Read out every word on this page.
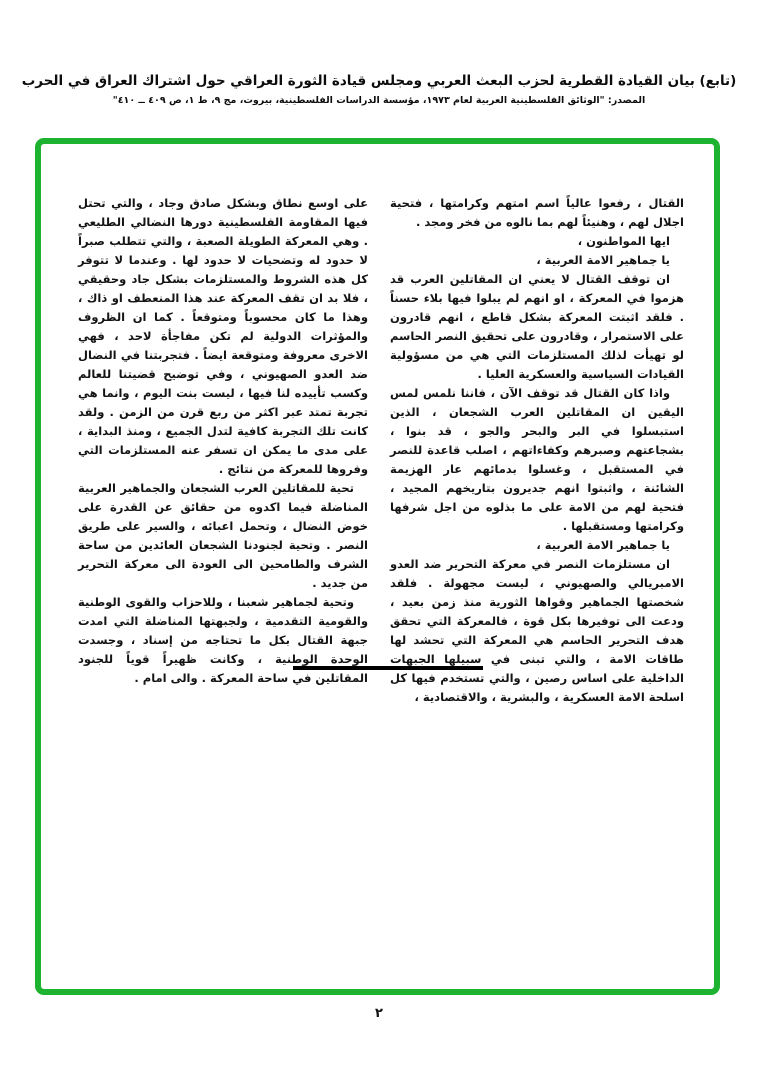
(تابع) بيان القيادة القطرية لحزب البعث العربي ومجلس قيادة الثورة العراقي حول اشتراك العراق في الحرب
المصدر: "الوثائق الفلسطينية العربية لعام ١٩٧٣، مؤسسة الدراسات الفلسطينية، بيروت، مج ٩، ط ١، ص ٤٠٩ ــ ٤١٠"

القتال ، رفعوا عالياً اسم امتهم وكرامتها ، فتحية اجلال لهم ، وهنيئاً لهم بما نالوه من فخر ومجد .

ايها المواطنون ،

يا جماهير الامة العربية ،

ان توقف القتال لا يعني ان المقاتلين العرب قد هزموا في المعركة ، او انهم لم يبلوا فيها بلاء حسناً . فلقد اثبتت المعركة بشكل قاطع ، انهم قادرون على الاستمرار ، وقادرون على تحقيق النصر الحاسم لو تهيأت لذلك المستلزمات التي هي من مسؤولية القيادات السياسية والعسكرية العليا .

واذا كان القتال قد توقف الآن ، فاننا نلمس لمس اليقين ان المقاتلين العرب الشجعان ، الذين استبسلوا في البر والبحر والجو ، قد بنوا ، بشجاعتهم وصبرهم وكفاءاتهم ، اصلب قاعدة للنصر في المستقبل ، وغسلوا بدمائهم عار الهزيمة الشائنة ، واثبتوا انهم جديرون بتاريخهم المجيد ، فتحية لهم من الامة على ما بذلوه من اجل شرفها وكرامتها ومستقبلها .

يا جماهير الامة العربية ،

ان مستلزمات النصر في معركة التحرير ضد العدو الامبريالي والصهيوني ، ليست مجهولة . فلقد شخصتها الجماهير وقواها الثورية منذ زمن بعيد ، ودعت الى توفيرها بكل قوة ، فالمعركة التي تحقق هدف التحرير الحاسم هي المعركة التي تحشد لها طاقات الامة ، والتي تبنى في سبيلها الجبهات الداخلية على اساس رصين ، والتي تستخدم فيها كل اسلحة الامة العسكرية ، والبشرية ، والاقتصادية ،

على اوسع نطاق وبشكل صادق وجاد ، والتي تحتل فيها المقاومة الفلسطينية دورها النضالي الطليعي . وهي المعركة الطويلة الصعبة ، والتي تتطلب صبراً لا حدود له وتضحيات لا حدود لها . وعندما لا تتوفر كل هذه الشروط والمستلزمات بشكل جاد وحقيقي ، فلا بد ان تقف المعركة عند هذا المنعطف او ذاك ، وهذا ما كان محسوباً ومتوقعاً . كما ان الظروف والمؤثرات الدولية لم تكن مفاجأة لاحد ، فهي الاخرى معروفة ومتوقعة ايضاً . فتجربتنا في النضال ضد العدو الصهيوني ، وفي توضيح قضيتنا للعالم وكسب تأييده لنا فيها ، ليست بنت اليوم ، وانما هي تجربة تمتد عبر اكثر من ربع قرن من الزمن . ولقد كانت تلك التجربة كافية لتدل الجميع ، ومنذ البداية ، على مدى ما يمكن ان تسفر عنه المستلزمات التي وفروها للمعركة من نتائج .

تحية للمقاتلين العرب الشجعان والجماهير العربية المناضلة فيما اكدوه من حقائق عن القدرة على خوض النضال ، وتحمل اعبائه ، والسير على طريق النصر . وتحية لجنودنا الشجعان العائدين من ساحة الشرف والطامحين الى العودة الى معركة التحرير من جديد .

وتحية لجماهير شعبنا ، وللاحزاب والقوى الوطنية والقومية التقدمية ، ولجبهتها المناضلة التي امدت جبهة القتال بكل ما تحتاجه من إسناد ، وجسدت الوحدة الوطنية ، وكانت ظهيراً قوياً للجنود المقاتلين في ساحة المعركة . والى امام .

٢
